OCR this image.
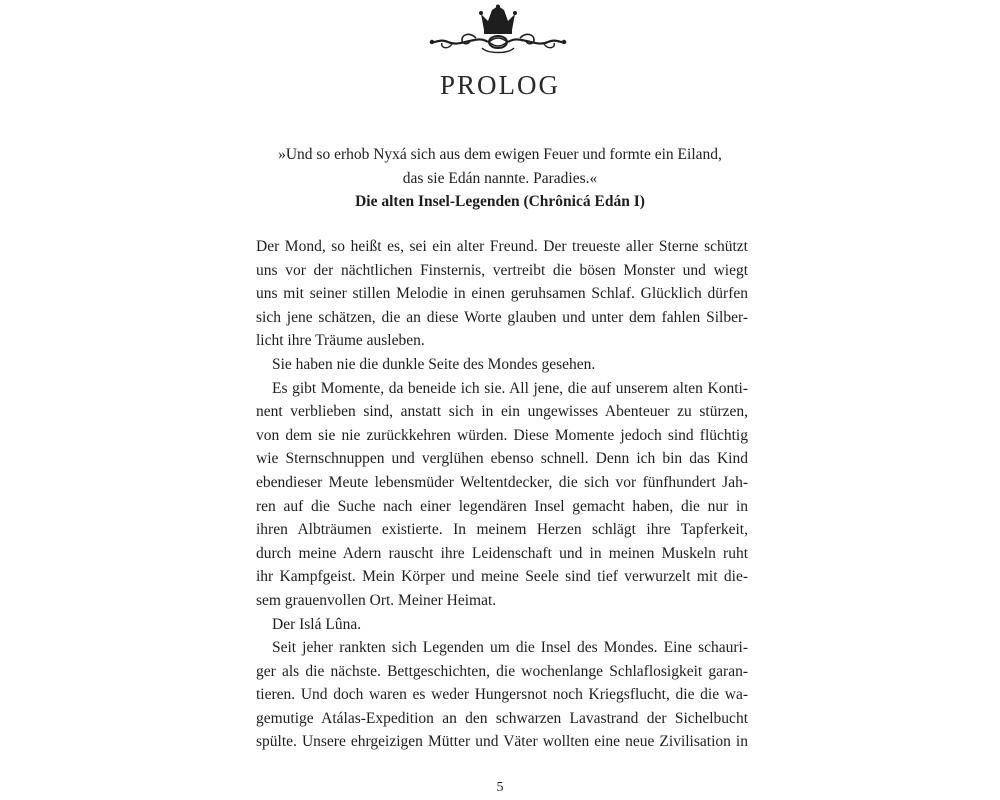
PROLOG
»Und so erhob Nyxá sich aus dem ewigen Feuer und formte ein Eiland,
das sie Edán nannte. Paradies.«
Die alten Insel-Legenden (Chrônicá Edán I)
Der Mond, so heißt es, sei ein alter Freund. Der treueste aller Sterne schützt
uns vor der nächtlichen Finsternis, vertreibt die bösen Monster und wiegt
uns mit seiner stillen Melodie in einen geruhsamen Schlaf. Glücklich dürfen
sich jene schätzen, die an diese Worte glauben und unter dem fahlen Silber-
licht ihre Träume ausleben.
Sie haben nie die dunkle Seite des Mondes gesehen.
Es gibt Momente, da beneide ich sie. All jene, die auf unserem alten Konti-
nent verblieben sind, anstatt sich in ein ungewisses Abenteuer zu stürzen,
von dem sie nie zurückkehren würden. Diese Momente jedoch sind flüchtig
wie Sternschnuppen und verglühen ebenso schnell. Denn ich bin das Kind
ebendieser Meute lebensmüder Weltentdecker, die sich vor fünfhundert Jah-
ren auf die Suche nach einer legendären Insel gemacht haben, die nur in
ihren Albträumen existierte. In meinem Herzen schlägt ihre Tapferkeit,
durch meine Adern rauscht ihre Leidenschaft und in meinen Muskeln ruht
ihr Kampfgeist. Mein Körper und meine Seele sind tief verwurzelt mit die-
sem grauenvollen Ort. Meiner Heimat.
Der Islá Lûna.
Seit jeher rankten sich Legenden um die Insel des Mondes. Eine schauri-
ger als die nächste. Bettgeschichten, die wochenlange Schlaflosigkeit garan-
tieren. Und doch waren es weder Hungersnot noch Kriegsflucht, die die wa-
gemutige Atálas-Expedition an den schwarzen Lavastrand der Sichelbucht
spülte. Unsere ehrgeizigen Mütter und Väter wollten eine neue Zivilisation in
5
